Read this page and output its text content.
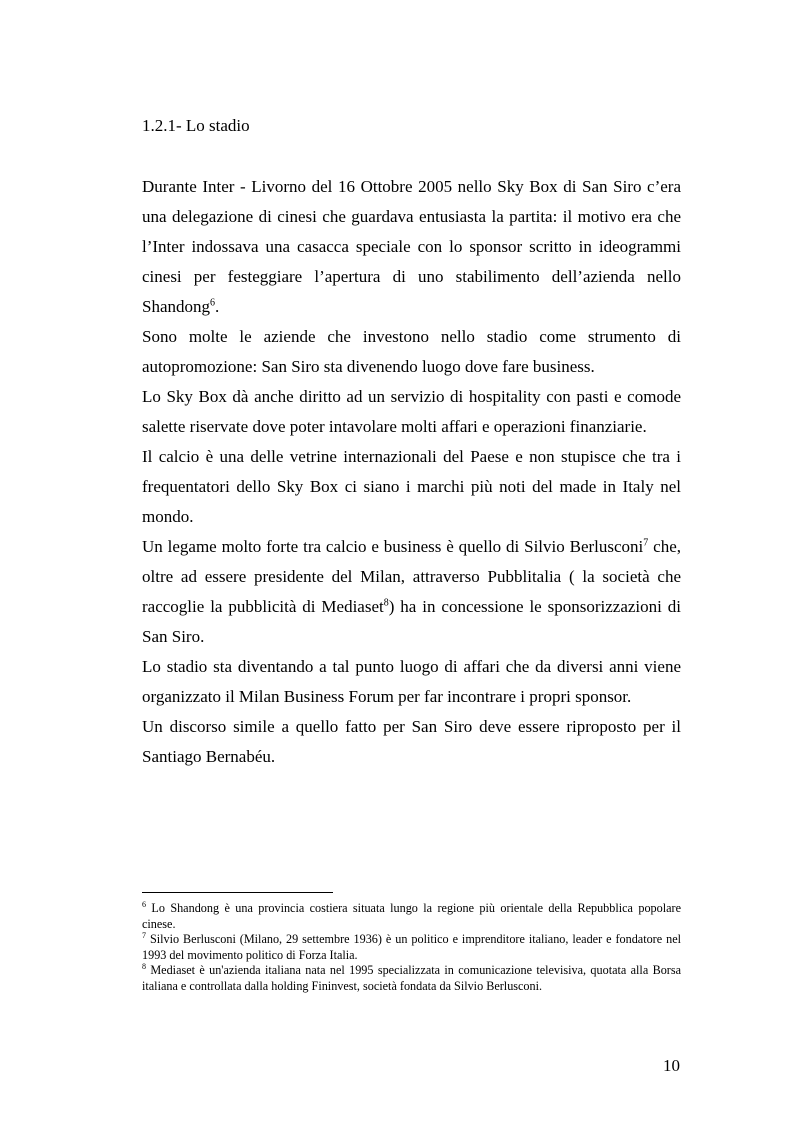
1.2.1- Lo stadio

Durante Inter - Livorno del 16 Ottobre 2005 nello Sky Box di San Siro c’era una delegazione di cinesi che guardava entusiasta la partita: il motivo era che l’Inter indossava una casacca speciale con lo sponsor scritto in ideogrammi cinesi per festeggiare l’apertura di uno stabilimento dell’azienda nello Shandong$^6$.

Sono molte le aziende che investono nello stadio come strumento di autopromozione: San Siro sta divenendo luogo dove fare business.

Lo Sky Box dà anche diritto ad un servizio di hospitality con pasti e comode salette riservate dove poter intavolare molti affari e operazioni finanziarie.

Il calcio è una delle vetrine internazionali del Paese e non stupisce che tra i frequentatori dello Sky Box ci siano i marchi più noti del made in Italy nel mondo.

Un legame molto forte tra calcio e business è quello di Silvio Berlusconi$^7$ che, oltre ad essere presidente del Milan, attraverso Pubblitalia ( la società che raccoglie la pubblicità di Mediaset$^8$) ha in concessione le sponsorizzazioni di San Siro.

Lo stadio sta diventando a tal punto luogo di affari che da diversi anni viene organizzato il Milan Business Forum per far incontrare i propri sponsor.

Un discorso simile a quello fatto per San Siro deve essere riproposto per il Santiago Bernabéu.

$^6$ Lo Shandong è una provincia costiera situata lungo la regione più orientale della Repubblica popolare cinese.

$^7$ Silvio Berlusconi (Milano, 29 settembre 1936) è un politico e imprenditore italiano, leader e fondatore nel 1993 del movimento politico di Forza Italia.

$^8$ Mediaset è un'azienda italiana nata nel 1995 specializzata in comunicazione televisiva, quotata alla Borsa italiana e controllata dalla holding Fininvest, società fondata da Silvio Berlusconi.

10
